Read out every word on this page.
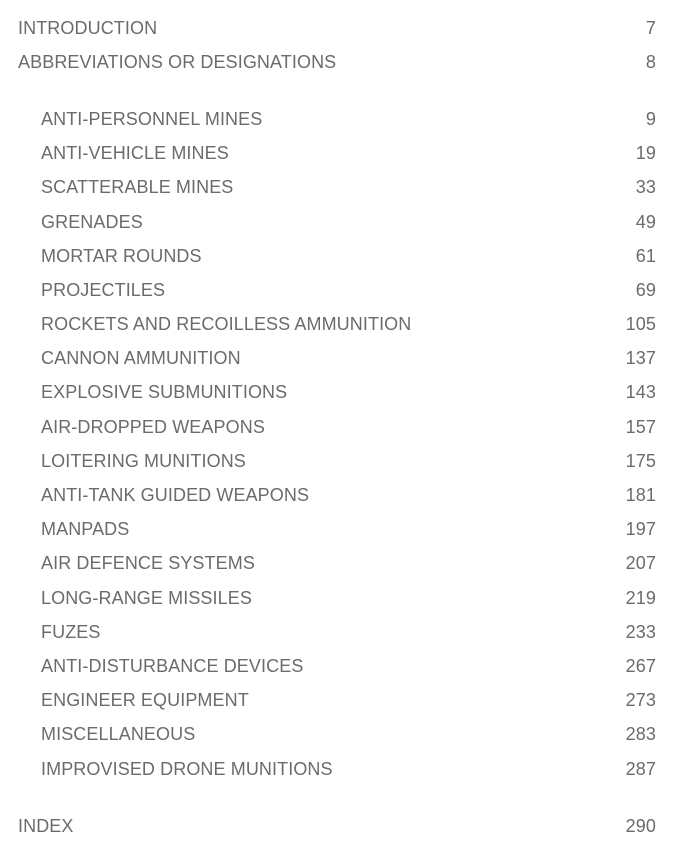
INTRODUCTION	7
ABBREVIATIONS OR DESIGNATIONS	8
ANTI-PERSONNEL MINES	9
ANTI-VEHICLE MINES	19
SCATTERABLE MINES	33
GRENADES	49
MORTAR ROUNDS	61
PROJECTILES	69
ROCKETS AND RECOILLESS AMMUNITION	105
CANNON AMMUNITION	137
EXPLOSIVE SUBMUNITIONS	143
AIR-DROPPED WEAPONS	157
LOITERING MUNITIONS	175
ANTI-TANK GUIDED WEAPONS	181
MANPADS	197
AIR DEFENCE SYSTEMS	207
LONG-RANGE MISSILES	219
FUZES	233
ANTI-DISTURBANCE DEVICES	267
ENGINEER EQUIPMENT	273
MISCELLANEOUS	283
IMPROVISED DRONE MUNITIONS	287
INDEX	290
